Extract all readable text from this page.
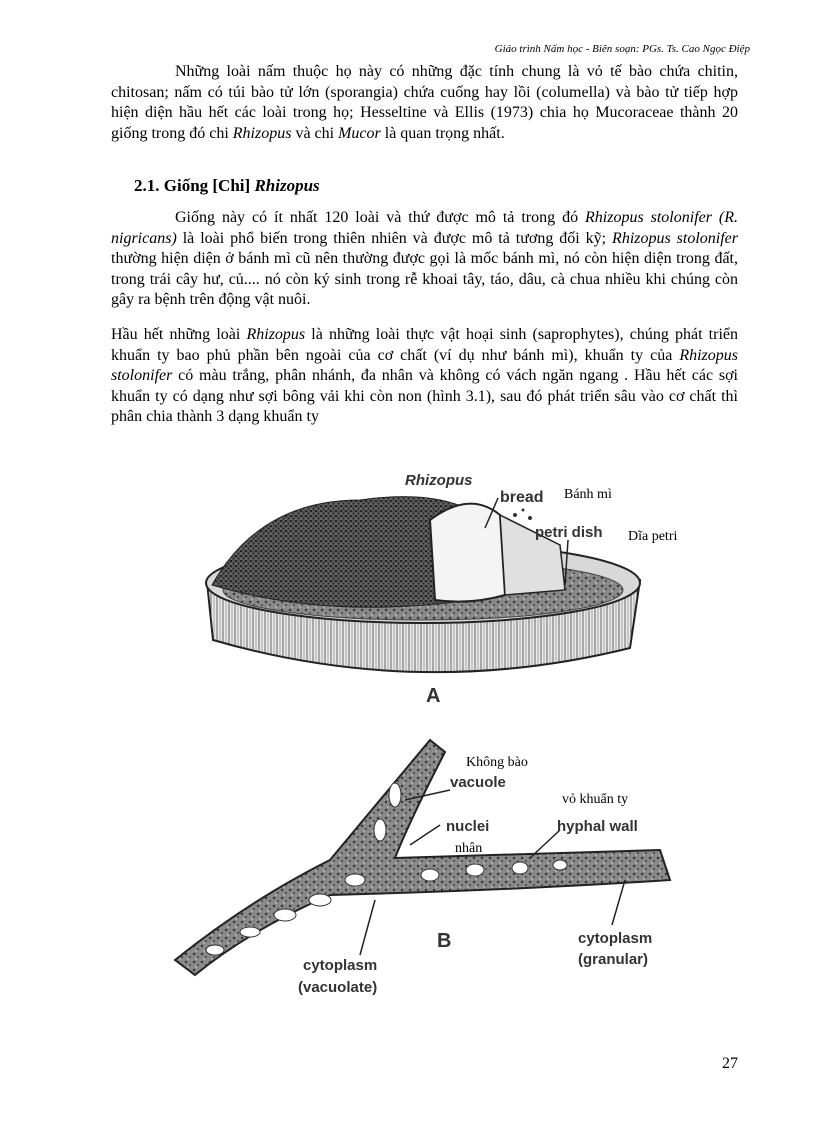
Giáo trình Nấm học - Biên soạn: PGs. Ts. Cao Ngọc Điệp

Những loài nấm thuộc họ này có những đặc tính chung là vỏ tế bào chứa chitin, chitosan; nấm có túi bào tử lớn (sporangia) chứa cuống hay lồi (columella) và bào tử tiếp hợp hiện diện hầu hết các loài trong họ; Hesseltine và Ellis (1973) chia họ Mucoraceae thành 20 giống trong đó chi Rhizopus và chi Mucor là quan trọng nhất.

2.1. Giống [Chi] Rhizopus

Giống này có ít nhất 120 loài và thứ được mô tả trong đó Rhizopus stolonifer (R. nigricans) là loài phổ biến trong thiên nhiên và được mô tả tương đối kỹ; Rhizopus stolonifer thường hiện diện ở bánh mì cũ nên thường được gọi là mốc bánh mì, nó còn hiện diện trong đất, trong trái cây hư, củ.... nó còn ký sinh trong rễ khoai tây, táo, dâu, cà chua nhiều khi chúng còn gây ra bệnh trên động vật nuôi.

Hầu hết những loài Rhizopus là những loài thực vật hoại sinh (saprophytes), chúng phát triển khuẩn ty bao phủ phần bên ngoài của cơ chất (ví dụ như bánh mì), khuẩn ty của Rhizopus stolonifer có màu trắng, phân nhánh, đa nhân và không có vách ngăn ngang . Hầu hết các sợi khuẩn ty có dạng như sợi bông vải khi còn non (hình 3.1), sau đó phát triển sâu vào cơ chất thì phân chia thành 3 dạng khuẩn ty

Rhizopus
bread Bánh mì
petri dish Dĩa petri
A
Không bào
vacuole
nuclei
nhân
vỏ khuẩn ty
hyphal wall
cytoplasm
(vacuolate)
cytoplasm
(granular)
B
27
